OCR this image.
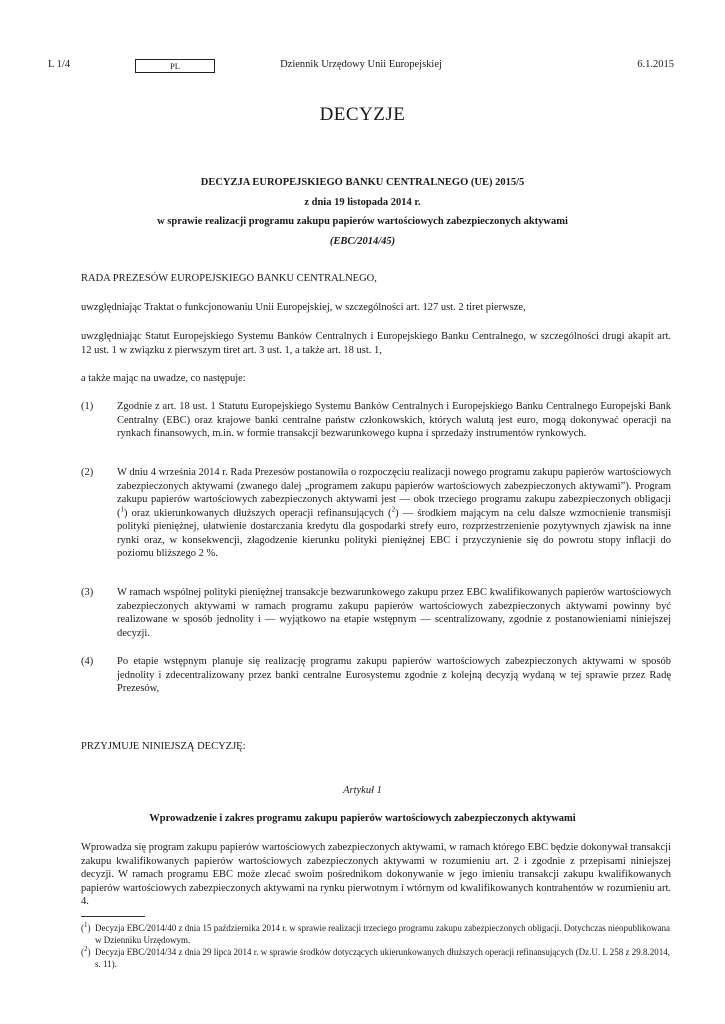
L 1/4	PL	Dziennik Urzędowy Unii Europejskiej	6.1.2015
DECYZJE
DECYZJA EUROPEJSKIEGO BANKU CENTRALNEGO (UE) 2015/5
z dnia 19 listopada 2014 r.
w sprawie realizacji programu zakupu papierów wartościowych zabezpieczonych aktywami
(EBC/2014/45)
RADA PREZESÓW EUROPEJSKIEGO BANKU CENTRALNEGO,
uwzględniając Traktat o funkcjonowaniu Unii Europejskiej, w szczególności art. 127 ust. 2 tiret pierwsze,
uwzględniając Statut Europejskiego Systemu Banków Centralnych i Europejskiego Banku Centralnego, w szczególności drugi akapit art. 12 ust. 1 w związku z pierwszym tiret art. 3 ust. 1, a także art. 18 ust. 1,
a także mając na uwadze, co następuje:
(1) Zgodnie z art. 18 ust. 1 Statutu Europejskiego Systemu Banków Centralnych i Europejskiego Banku Centralnego Europejski Bank Centralny (EBC) oraz krajowe banki centralne państw członkowskich, których walutą jest euro, mogą dokonywać operacji na rynkach finansowych, m.in. w formie transakcji bezwarunkowego kupna i sprzedaży instrumentów rynkowych.
(2) W dniu 4 września 2014 r. Rada Prezesów postanowiła o rozpoczęciu realizacji nowego programu zakupu papierów wartościowych zabezpieczonych aktywami (zwanego dalej „programem zakupu papierów wartościowych zabezpieczonych aktywami”). Program zakupu papierów wartościowych zabezpieczonych aktywami jest — obok trzeciego programu zakupu zabezpieczonych obligacji ($^1$) oraz ukierunkowanych dłuższych operacji refinansujących ($^2$) — środkiem mającym na celu dalsze wzmocnienie transmisji polityki pieniężnej, ułatwienie dostarczania kredytu dla gospodarki strefy euro, rozprzestrzenienie pozytywnych zjawisk na inne rynki oraz, w konsekwencji, złagodzenie kierunku polityki pieniężnej EBC i przyczynienie się do powrotu stopy inflacji do poziomu bliższego 2 %.
(3) W ramach wspólnej polityki pieniężnej transakcje bezwarunkowego zakupu przez EBC kwalifikowanych papierów wartościowych zabezpieczonych aktywami w ramach programu zakupu papierów wartościowych zabezpieczonych aktywami powinny być realizowane w sposób jednolity i — wyjątkowo na etapie wstępnym — scentralizowany, zgodnie z postanowieniami niniejszej decyzji.
(4) Po etapie wstępnym planuje się realizację programu zakupu papierów wartościowych zabezpieczonych aktywami w sposób jednolity i zdecentralizowany przez banki centralne Eurosystemu zgodnie z kolejną decyzją wydaną w tej sprawie przez Radę Prezesów,
PRZYJMUJE NINIEJSZĄ DECYZJĘ:
Artykuł 1
Wprowadzenie i zakres programu zakupu papierów wartościowych zabezpieczonych aktywami
Wprowadza się program zakupu papierów wartościowych zabezpieczonych aktywami, w ramach którego EBC będzie dokonywał transakcji zakupu kwalifikowanych papierów wartościowych zabezpieczonych aktywami w rozumieniu art. 2 i zgodnie z przepisami niniejszej decyzji. W ramach programu EBC może zlecać swoim pośrednikom dokonywanie w jego imieniu transakcji zakupu kwalifikowanych papierów wartościowych zabezpieczonych aktywami na rynku pierwotnym i wtórnym od kwalifikowanych kontrahentów w rozumieniu art. 4.
($^1$) Decyzja EBC/2014/40 z dnia 15 października 2014 r. w sprawie realizacji trzeciego programu zakupu zabezpieczonych obligacji. Dotychczas nieopublikowana w Dzienniku Urzędowym.
($^2$) Decyzja EBC/2014/34 z dnia 29 lipca 2014 r. w sprawie środków dotyczących ukierunkowanych dłuższych operacji refinansujących (Dz.U. L 258 z 29.8.2014, s. 11).
